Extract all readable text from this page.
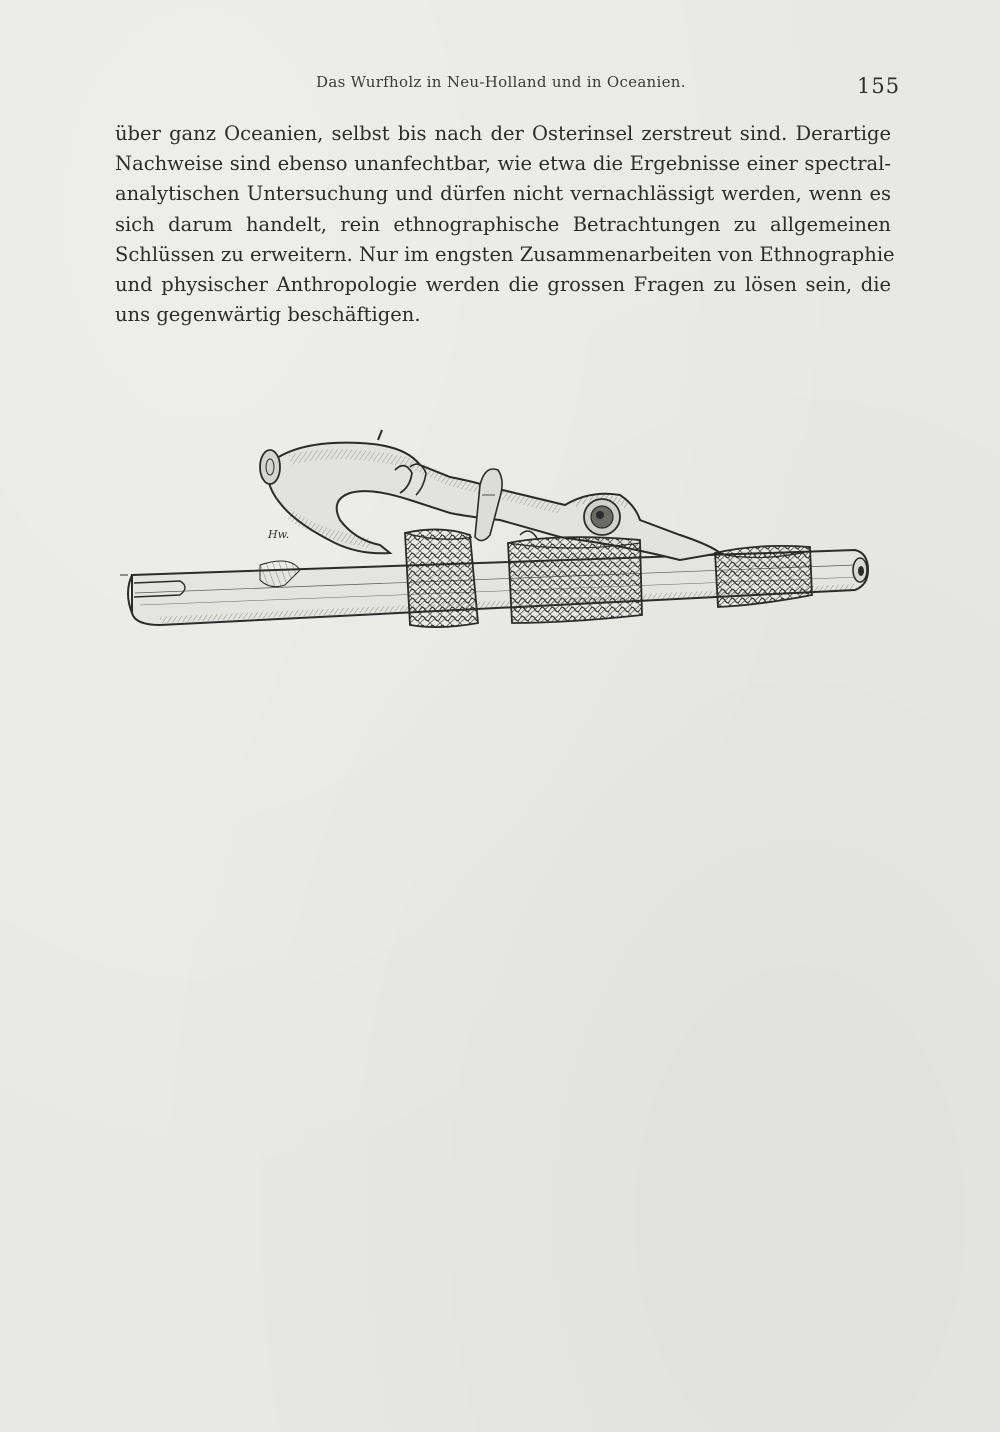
Das Wurfholz in Neu-Holland und in Oceanien.	155
über ganz Oceanien, selbst bis nach der Osterinsel zerstreut sind. Derartige
Nachweise sind ebenso unanfechtbar, wie etwa die Ergebnisse einer spectral-
analytischen Untersuchung und dürfen nicht vernachlässigt werden, wenn es
sich darum handelt, rein ethnographische Betrachtungen zu allgemeinen
Schlüssen zu erweitern. Nur im engsten Zusammenarbeiten von Ethnographie
und physischer Anthropologie werden die grossen Fragen zu lösen sein, die
uns gegenwärtig beschäftigen.
Hw.
